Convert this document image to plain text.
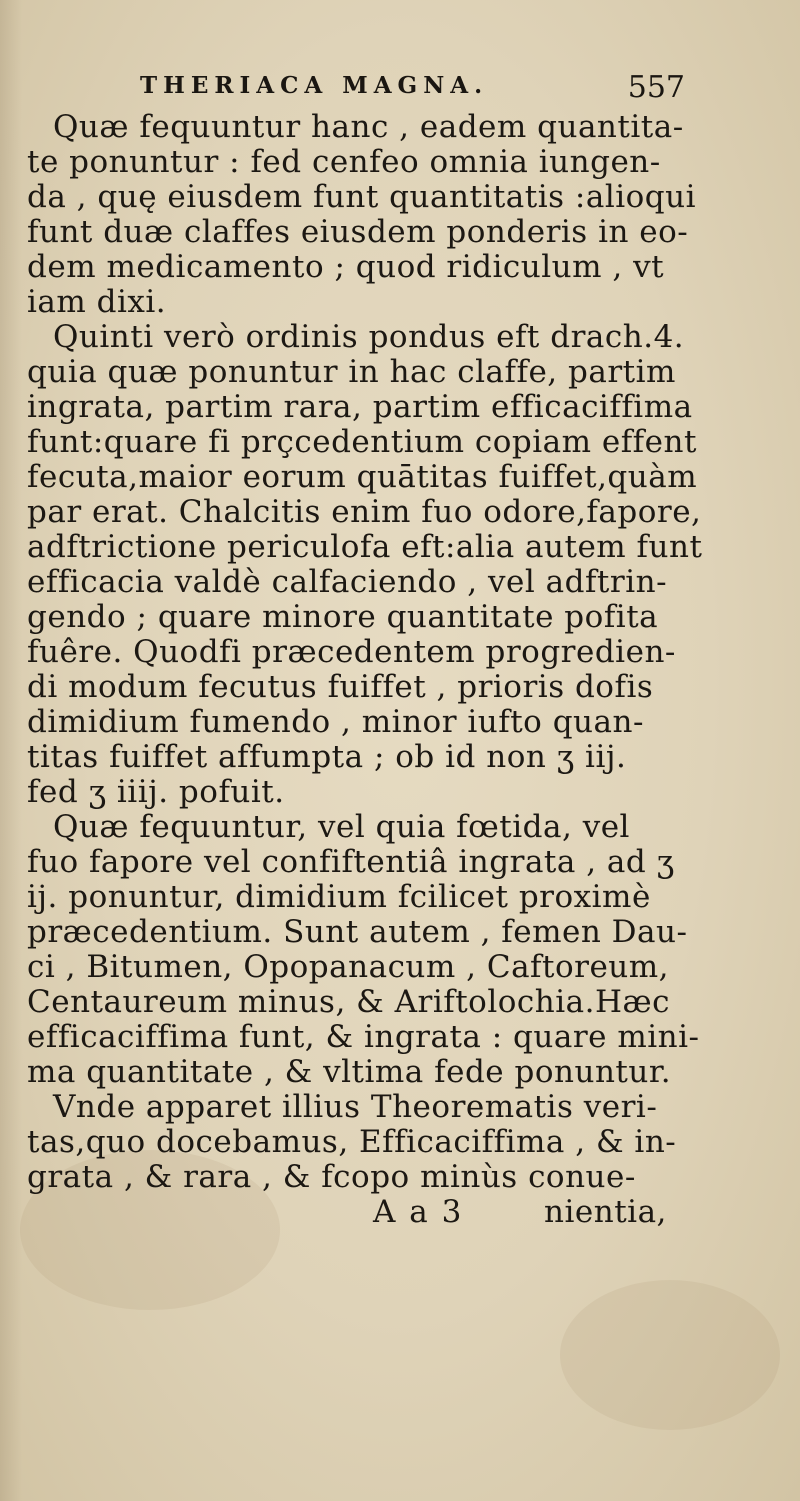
THERIACA MAGNA.	557
Quæ fequuntur hanc , eadem quantita-
te ponuntur : fed cenfeo omnia iungen-
da , quę eiusdem funt quantitatis :alioqui
funt duæ claffes eiusdem ponderis in eo-
dem medicamento ; quod ridiculum , vt
iam dixi.
Quinti verò ordinis pondus eft drach.4.
quia quæ ponuntur in hac claffe, partim
ingrata, partim rara, partim efficaciffima
funt:quare fi prçcedentium copiam effent
fecuta,maior eorum quātitas fuiffet,quàm
par erat. Chalcitis enim fuo odore,fapore,
adftrictione periculofa eft:alia autem funt
efficacia valdè calfaciendo , vel adftrin-
gendo ; quare minore quantitate pofita
fuêre. Quodfi præcedentem progredien-
di modum fecutus fuiffet , prioris dofis
dimidium fumendo , minor iufto quan-
titas fuiffet affumpta ; ob id non ʒ iij.
fed ʒ iiij. pofuit.
Quæ fequuntur, vel quia fœtida, vel
fuo fapore vel confiftentiâ ingrata , ad ʒ
ij. ponuntur, dimidium fcilicet proximè
præcedentium. Sunt autem , femen Dau-
ci , Bitumen, Opopanacum , Caftoreum,
Centaureum minus, & Ariftolochia.Hæc
efficaciffima funt, & ingrata : quare mini-
ma quantitate , & vltima fede ponuntur.
Vnde apparet illius Theorematis veri-
tas,quo docebamus, Efficaciffima , & in-
grata , & rara , & fcopo minùs conue-
A a 3	nientia,
